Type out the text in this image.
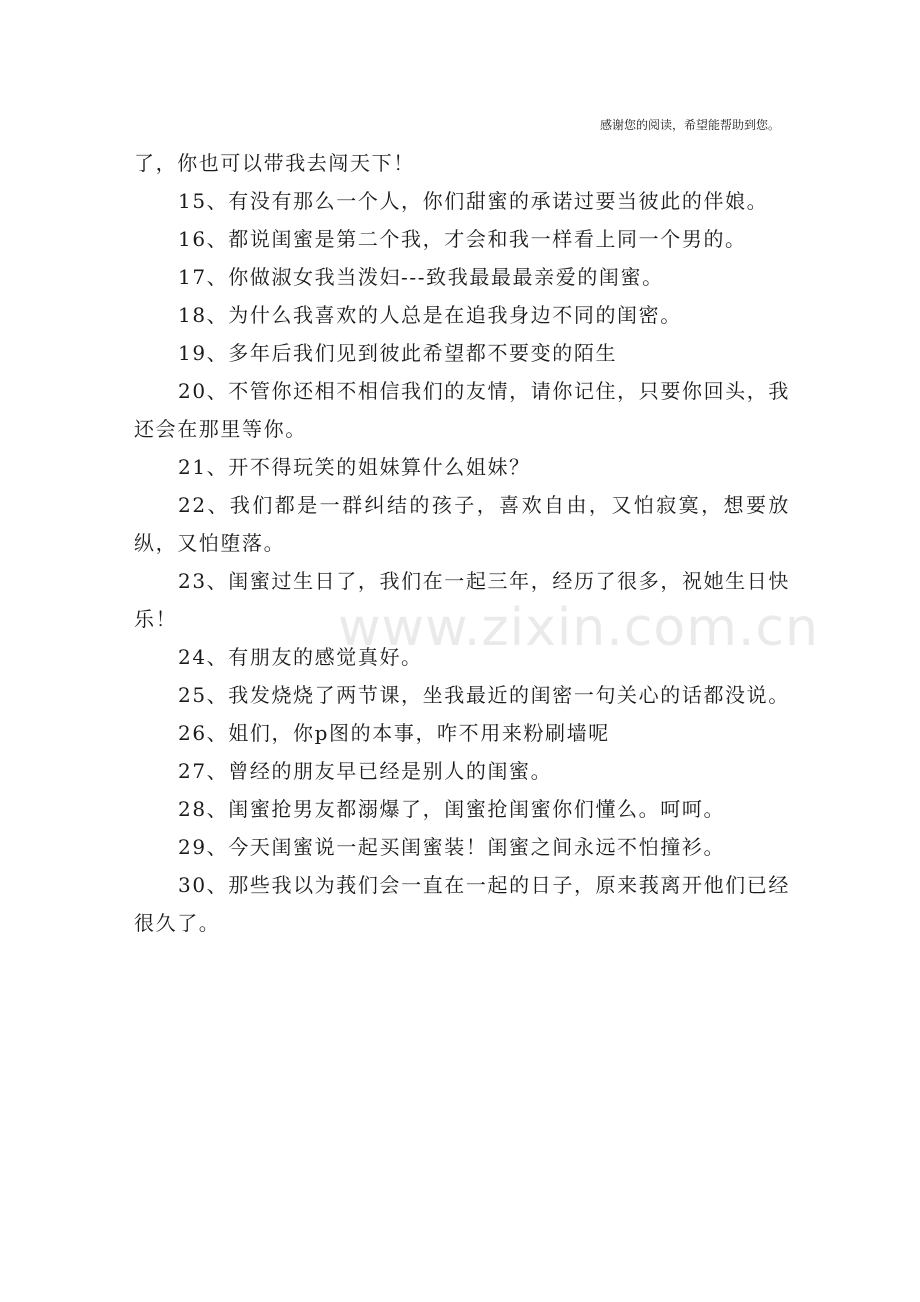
感谢您的阅读，希望能帮助到您。
www.zixin.com.cn

了，你也可以带我去闯天下！

15、有没有那么一个人，你们甜蜜的承诺过要当彼此的伴娘。

16、都说闺蜜是第二个我，才会和我一样看上同一个男的。

17、你做淑女我当泼妇---致我最最最亲爱的闺蜜。

18、为什么我喜欢的人总是在追我身边不同的闺密。

19、多年后我们见到彼此希望都不要变的陌生

20、不管你还相不相信我们的友情，请你记住，只要你回头，我还会在那里等你。

21、开不得玩笑的姐妹算什么姐妹？

22、我们都是一群纠结的孩子，喜欢自由，又怕寂寞，想要放纵，又怕堕落。

23、闺蜜过生日了，我们在一起三年，经历了很多，祝她生日快乐！

24、有朋友的感觉真好。

25、我发烧烧了两节课，坐我最近的闺密一句关心的话都没说。

26、姐们，你p图的本事，咋不用来粉刷墙呢

27、曾经的朋友早已经是别人的闺蜜。

28、闺蜜抢男友都溺爆了，闺蜜抢闺蜜你们懂么。呵呵。

29、今天闺蜜说一起买闺蜜装！闺蜜之间永远不怕撞衫。

30、那些我以为莪们会一直在一起的日子，原来莪离开他们已经很久了。
